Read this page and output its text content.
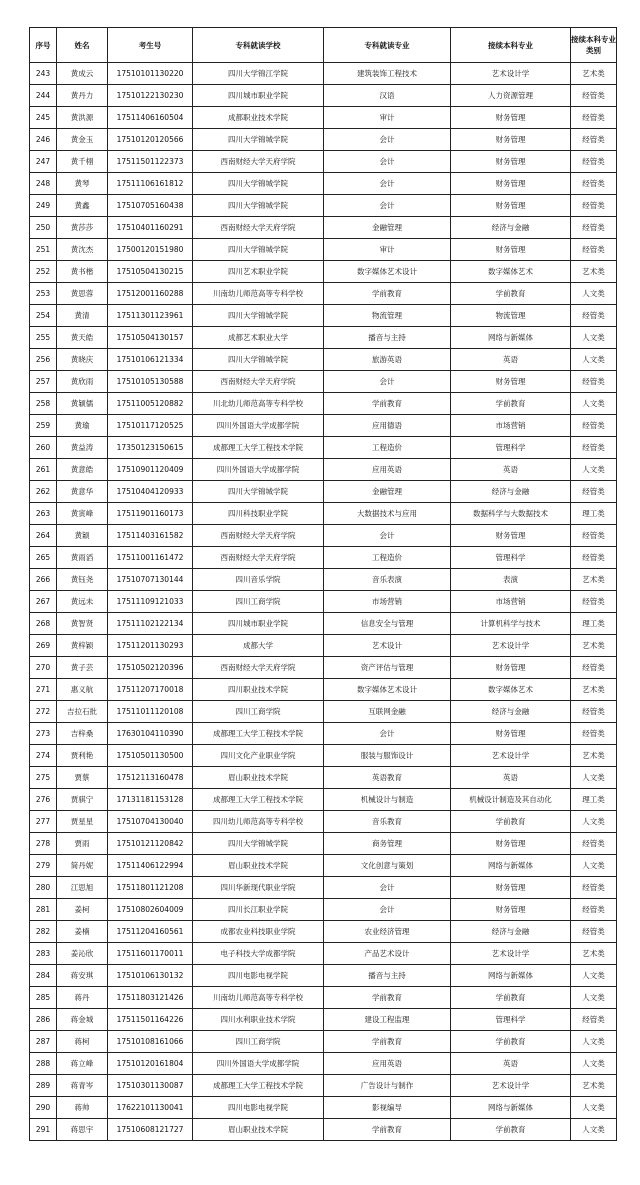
序号	姓名	考生号	专科就读学校	专科就读专业	接续本科专业	接续本科专业类别
243	黄成云	17510101130220	四川大学锦江学院	建筑装饰工程技术	艺术设计学	艺术类
244	黄丹力	17510122130230	四川城市职业学院	汉语	人力资源管理	经管类
245	黄洪源	17511406160504	成都职业技术学院	审计	财务管理	经管类
246	黄金玉	17510120120566	四川大学锦城学院	会计	财务管理	经管类
247	黄千栩	17511501122373	西南财经大学天府学院	会计	财务管理	经管类
248	黄琴	17511106161812	四川大学锦城学院	会计	财务管理	经管类
249	黄鑫	17510705160438	四川大学锦城学院	会计	财务管理	经管类
250	黄莎莎	17510401160291	西南财经大学天府学院	金融管理	经济与金融	经管类
251	黄沈杰	17500120151980	四川大学锦城学院	审计	财务管理	经管类
252	黄书楷	17510504130215	四川艺术职业学院	数字媒体艺术设计	数字媒体艺术	艺术类
253	黄思蓉	17512001160288	川南幼儿师范高等专科学校	学前教育	学前教育	人文类
254	黄清	17511301123961	四川大学锦城学院	物流管理	物流管理	经管类
255	黄天皓	17510504130157	成都艺术职业大学	播音与主持	网络与新媒体	人文类
256	黄晓庆	17510106121334	四川大学锦城学院	旅游英语	英语	人文类
257	黄欣雨	17510105130588	西南财经大学天府学院	会计	财务管理	经管类
258	黄颖儒	17511005120882	川北幼儿师范高等专科学校	学前教育	学前教育	人文类
259	黄瑜	17510117120525	四川外国语大学成都学院	应用德语	市场营销	经管类
260	黄益涛	17350123150615	成都理工大学工程技术学院	工程造价	管理科学	经管类
261	黄意皓	17510901120409	四川外国语大学成都学院	应用英语	英语	人文类
262	黄意华	17510404120933	四川大学锦城学院	金融管理	经济与金融	经管类
263	黄寅峰	17511901160173	四川科技职业学院	大数据技术与应用	数据科学与大数据技术	理工类
264	黄颖	17511403161582	西南财经大学天府学院	会计	财务管理	经管类
265	黄雨滔	17511001161472	西南财经大学天府学院	工程造价	管理科学	经管类
266	黄钰尧	17510707130144	四川音乐学院	音乐表演	表演	艺术类
267	黄远未	17511109121033	四川工商学院	市场营销	市场营销	经管类
268	黄智贤	17511102122134	四川城市职业学院	信息安全与管理	计算机科学与技术	理工类
269	黄梓颖	17511201130293	成都大学	艺术设计	艺术设计学	艺术类
270	黄子芸	17510502120396	西南财经大学天府学院	资产评估与管理	财务管理	经管类
271	惠义航	17511207170018	四川职业技术学院	数字媒体艺术设计	数字媒体艺术	艺术类
272	吉拉石批	17511011120108	四川工商学院	互联网金融	经济与金融	经管类
273	吉梓桑	17630104110390	成都理工大学工程技术学院	会计	财务管理	经管类
274	贾利艳	17510501130500	四川文化产业职业学院	服装与服饰设计	艺术设计学	艺术类
275	贾蔡	17512113160478	眉山职业技术学院	英语教育	英语	人文类
276	贾骐宁	17131181153128	成都理工大学工程技术学院	机械设计与制造	机械设计制造及其自动化	理工类
277	贾星星	17510704130040	四川幼儿师范高等专科学校	音乐教育	学前教育	人文类
278	贾雨	17510121120842	四川大学锦城学院	商务管理	财务管理	经管类
279	简丹妮	17511406122994	眉山职业技术学院	文化创意与策划	网络与新媒体	人文类
280	江思旭	17511801121208	四川华新现代职业学院	会计	财务管理	经管类
281	姜柯	17510802604009	四川长江职业学院	会计	财务管理	经管类
282	姜楠	17511204160561	成都农业科技职业学院	农业经济管理	经济与金融	经管类
283	姜沁欣	17511601170011	电子科技大学成都学院	产品艺术设计	艺术设计学	艺术类
284	蒋安琪	17510106130132	四川电影电视学院	播音与主持	网络与新媒体	人文类
285	蒋丹	17511803121426	川南幼儿师范高等专科学校	学前教育	学前教育	人文类
286	蒋金城	17511501164226	四川水利职业技术学院	建设工程监理	管理科学	经管类
287	蒋柯	17510108161066	四川工商学院	学前教育	学前教育	人文类
288	蒋立峰	17510120161804	四川外国语大学成都学院	应用英语	英语	人文类
289	蒋青岑	17510301130087	成都理工大学工程技术学院	广告设计与制作	艺术设计学	艺术类
290	蒋帅	17622101130041	四川电影电视学院	影视编导	网络与新媒体	人文类
291	蒋思宇	17510608121727	眉山职业技术学院	学前教育	学前教育	人文类
